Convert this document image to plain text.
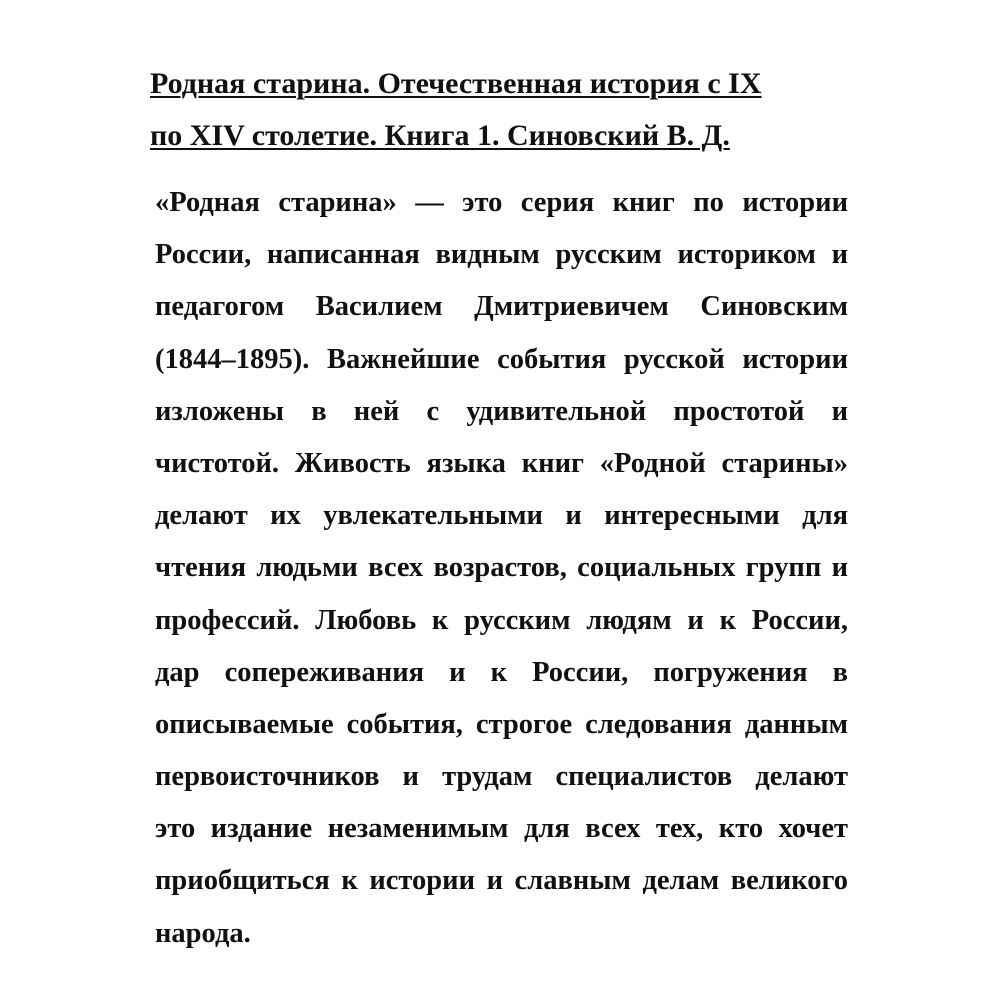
Родная старина. Отечественная история с IX
по XIV столетие. Книга 1. Синовский В. Д.
«Родная старина» — это серия книг по истории
России, написанная видным русским историком и
педагогом Василием Дмитриевичем Синовским
(1844–1895). Важнейшие события русской истории
изложены в ней с удивительной простотой и
чистотой. Живость языка книг «Родной старины»
делают их увлекательными и интересными для
чтения людьми всех возрастов, социальных групп и
профессий. Любовь к русским людям и к России,
дар сопереживания и к России, погружения в
описываемые события, строгое следования данным
первоисточников и трудам специалистов делают
это издание незаменимым для всех тех, кто хочет
приобщиться к истории и славным делам великого
народа.
